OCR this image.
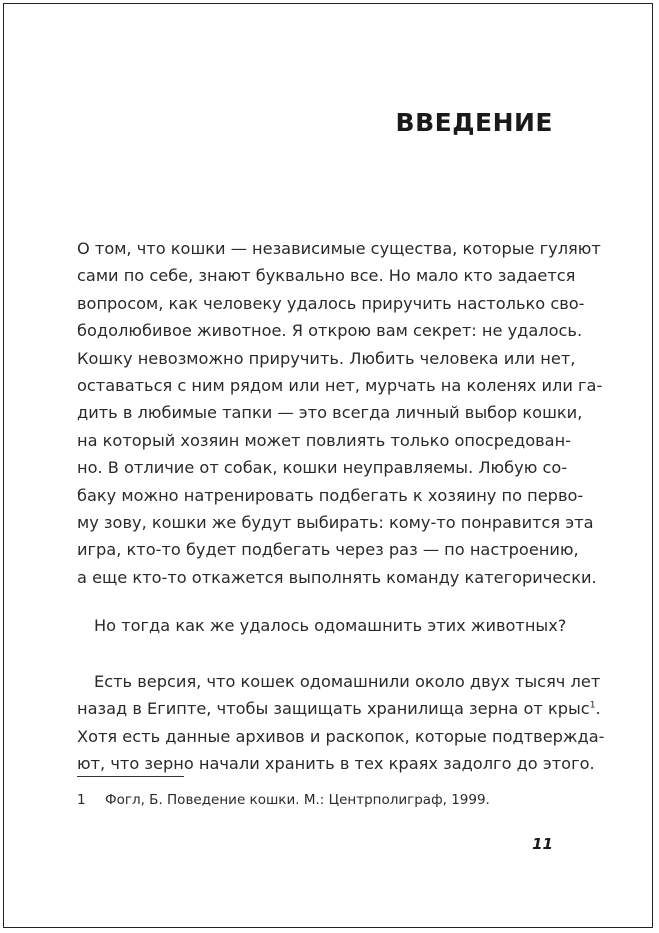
ВВЕДЕНИЕ
О том, что кошки — независимые существа, которые гуляют
сами по себе, знают буквально все. Но мало кто задается
вопросом, как человеку удалось приручить настолько сво-
бодолюбивое животное. Я открою вам секрет: не удалось.
Кошку невозможно приручить. Любить человека или нет,
оставаться с ним рядом или нет, мурчать на коленях или га-
дить в любимые тапки — это всегда личный выбор кошки,
на который хозяин может повлиять только опосредован-
но. В отличие от собак, кошки неуправляемы. Любую со-
баку можно натренировать подбегать к хозяину по перво-
му зову, кошки же будут выбирать: кому-то понравится эта
игра, кто-то будет подбегать через раз — по настроению,
а еще кто-то откажется выполнять команду категорически.
Но тогда как же удалось одомашнить этих животных?
Есть версия, что кошек одомашнили около двух тысяч лет
назад в Египте, чтобы защищать хранилища зерна от крыс$^1$.
Хотя есть данные архивов и раскопок, которые подтвержда-
ют, что зерно начали хранить в тех краях задолго до этого.
1 Фогл, Б. Поведение кошки. М.: Центрполиграф, 1999.
11
